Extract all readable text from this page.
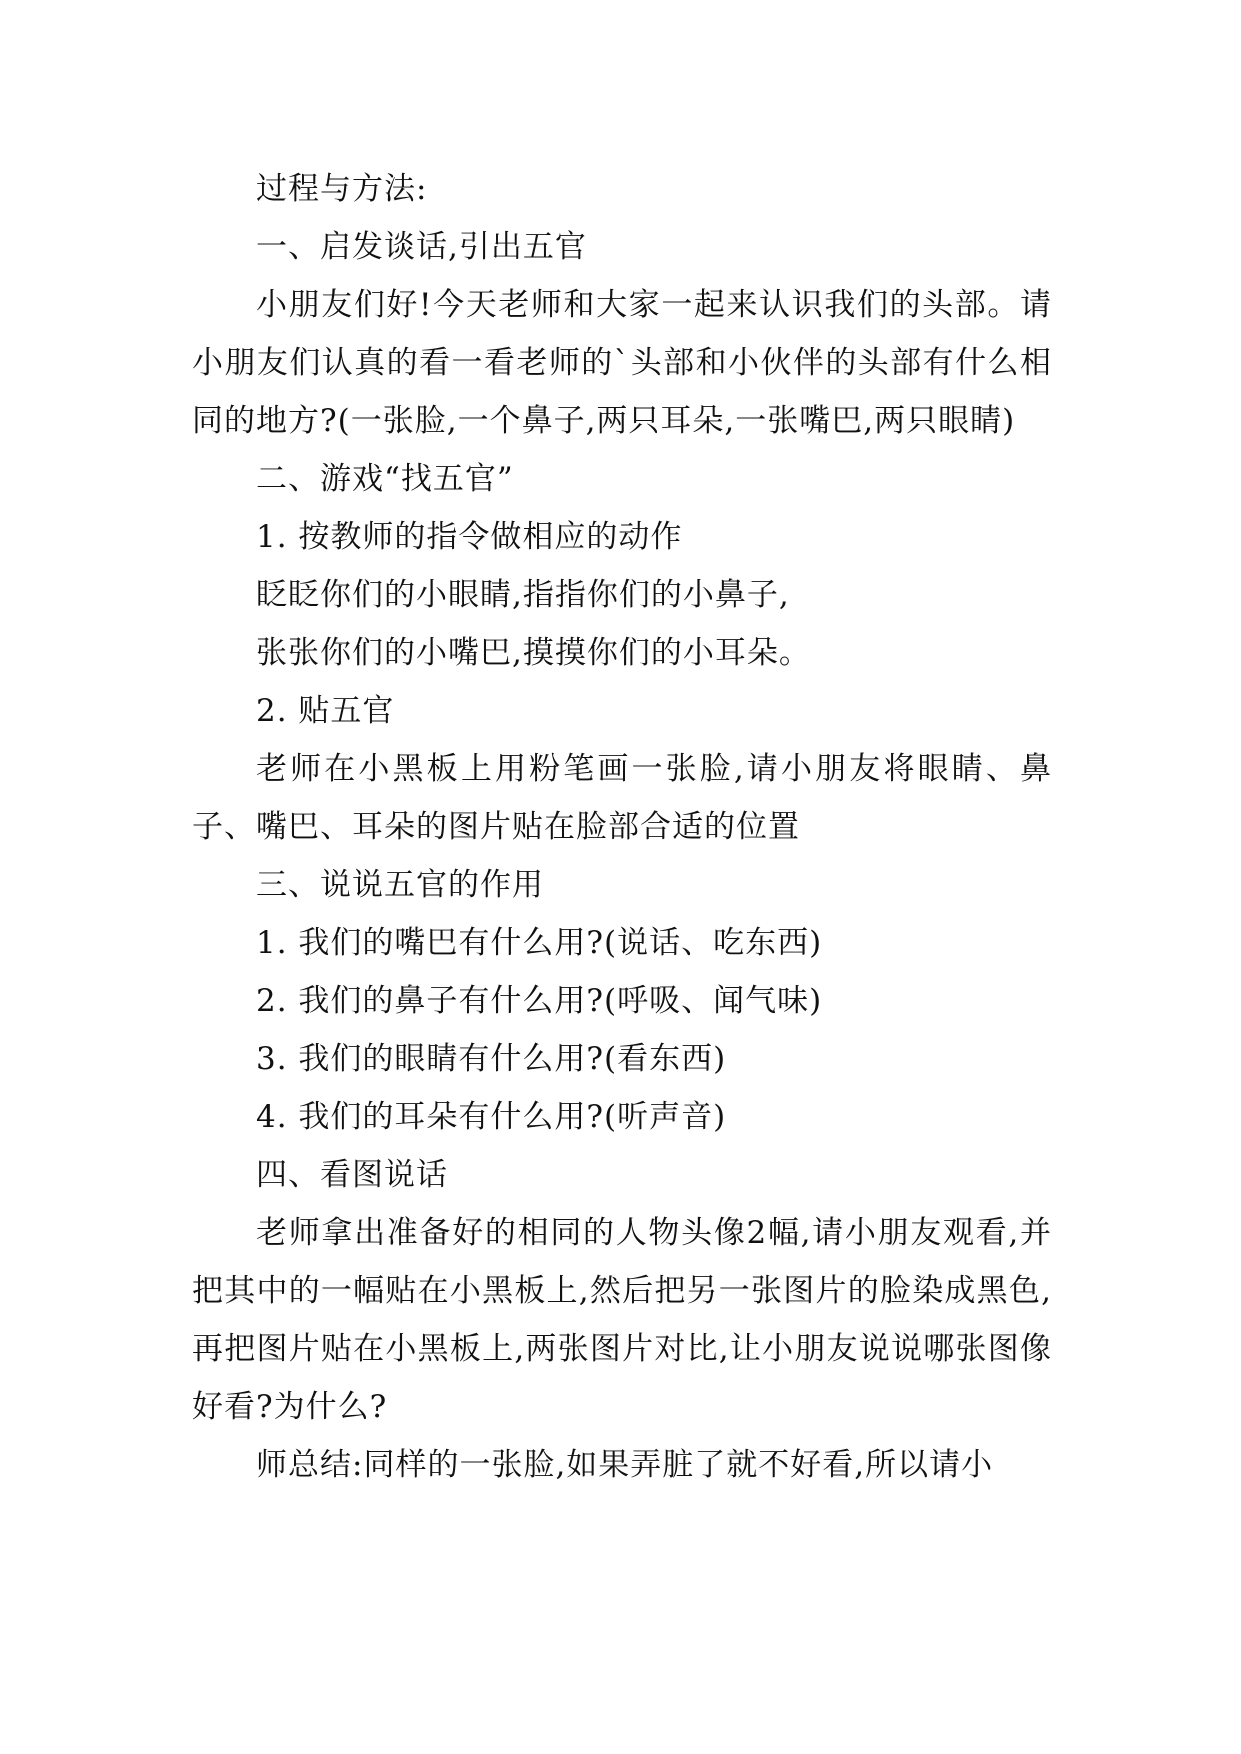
过程与方法:

一、启发谈话,引出五官

小朋友们好!今天老师和大家一起来认识我们的头部。请小朋友们认真的看一看老师的`头部和小伙伴的头部有什么相同的地方?(一张脸,一个鼻子,两只耳朵,一张嘴巴,两只眼睛)

二、游戏“找五官”

1. 按教师的指令做相应的动作

眨眨你们的小眼睛,指指你们的小鼻子,

张张你们的小嘴巴,摸摸你们的小耳朵。

2. 贴五官

老师在小黑板上用粉笔画一张脸,请小朋友将眼睛、鼻子、嘴巴、耳朵的图片贴在脸部合适的位置

三、说说五官的作用

1. 我们的嘴巴有什么用?(说话、吃东西)

2. 我们的鼻子有什么用?(呼吸、闻气味)

3. 我们的眼睛有什么用?(看东西)

4. 我们的耳朵有什么用?(听声音)

四、看图说话

老师拿出准备好的相同的人物头像2幅,请小朋友观看,并把其中的一幅贴在小黑板上,然后把另一张图片的脸染成黑色,再把图片贴在小黑板上,两张图片对比,让小朋友说说哪张图像好看?为什么?

师总结:同样的一张脸,如果弄脏了就不好看,所以请小
